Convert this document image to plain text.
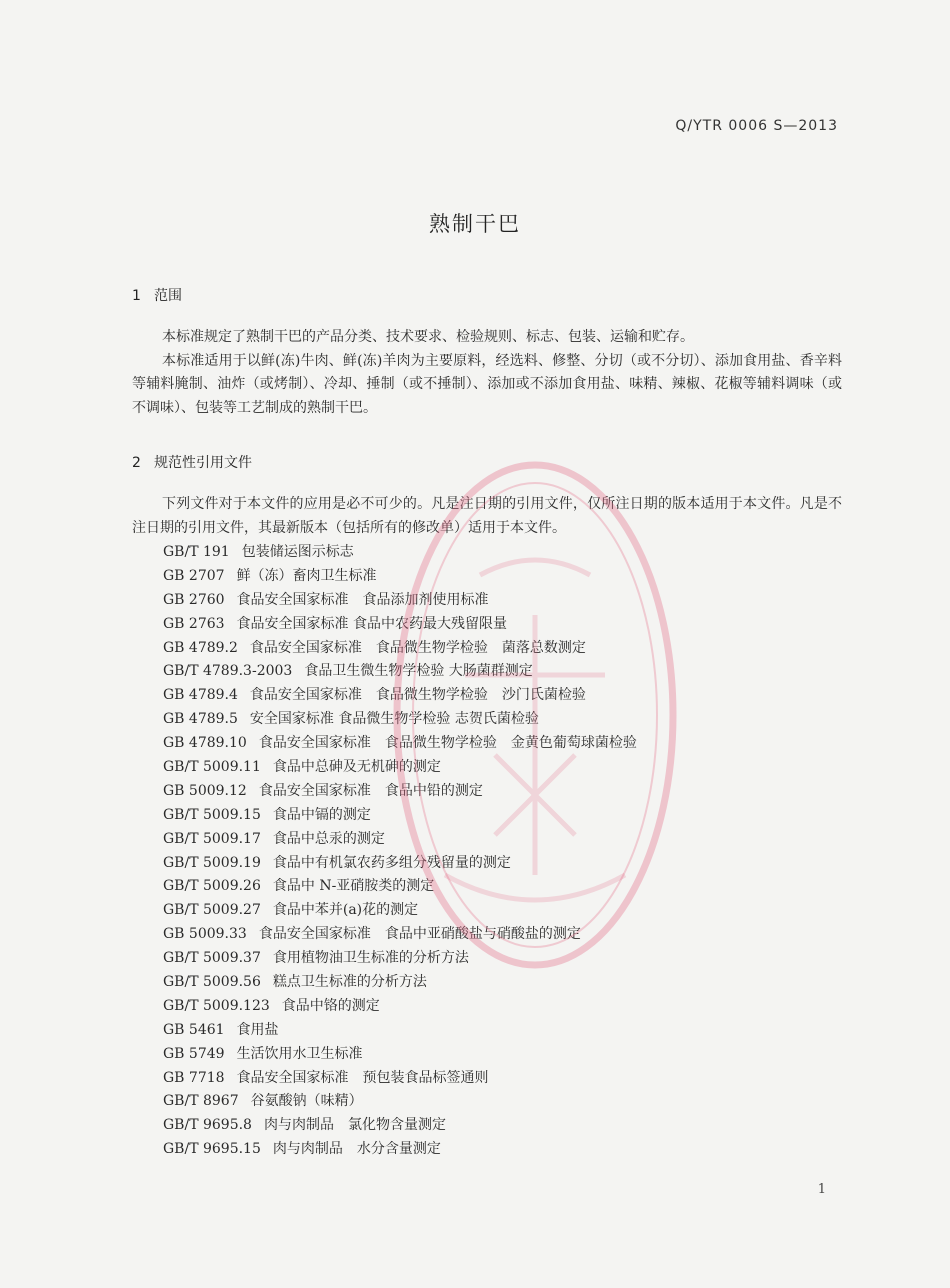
Q/YTR 0006 S—2013
熟制干巴
1 范围

本标准规定了熟制干巴的产品分类、技术要求、检验规则、标志、包装、运输和贮存。

本标准适用于以鲜(冻)牛肉、鲜(冻)羊肉为主要原料，经选料、修整、分切（或不分切）、添加食用盐、香辛料等辅料腌制、油炸（或烤制）、冷却、捶制（或不捶制）、添加或不添加食用盐、味精、辣椒、花椒等辅料调味（或不调味）、包装等工艺制成的熟制干巴。

2 规范性引用文件

下列文件对于本文件的应用是必不可少的。凡是注日期的引用文件，仅所注日期的版本适用于本文件。凡是不注日期的引用文件，其最新版本（包括所有的修改单）适用于本文件。

GB/T 191 包装储运图示标志
GB 2707 鲜（冻）畜肉卫生标准
GB 2760 食品安全国家标准　食品添加剂使用标准
GB 2763 食品安全国家标准 食品中农药最大残留限量
GB 4789.2 食品安全国家标准　食品微生物学检验　菌落总数测定
GB/T 4789.3-2003 食品卫生微生物学检验 大肠菌群测定
GB 4789.4 食品安全国家标准　食品微生物学检验　沙门氏菌检验
GB 4789.5 安全国家标准 食品微生物学检验 志贺氏菌检验
GB 4789.10 食品安全国家标准　食品微生物学检验　金黄色葡萄球菌检验
GB/T 5009.11 食品中总砷及无机砷的测定
GB 5009.12 食品安全国家标准　食品中铅的测定
GB/T 5009.15 食品中镉的测定
GB/T 5009.17 食品中总汞的测定
GB/T 5009.19 食品中有机氯农药多组分残留量的测定
GB/T 5009.26 食品中 N-亚硝胺类的测定
GB/T 5009.27 食品中苯并(a)花的测定
GB 5009.33 食品安全国家标准　食品中亚硝酸盐与硝酸盐的测定
GB/T 5009.37 食用植物油卫生标准的分析方法
GB/T 5009.56 糕点卫生标准的分析方法
GB/T 5009.123 食品中铬的测定
GB 5461 食用盐
GB 5749 生活饮用水卫生标准
GB 7718 食品安全国家标准　预包装食品标签通则
GB/T 8967 谷氨酸钠（味精）
GB/T 9695.8 肉与肉制品　氯化物含量测定
GB/T 9695.15 肉与肉制品　水分含量测定
1
